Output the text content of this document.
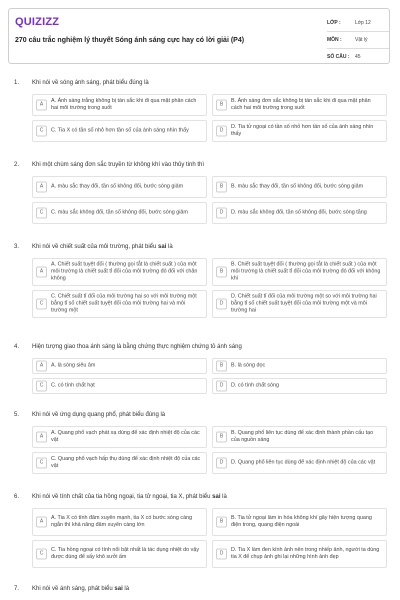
QUIZIZZ
270 câu trắc nghiệm lý thuyết Sóng ánh sáng cực hay có lời giải (P4)
LỚP :	Lớp 12
MÔN :	Vật lý
SỐ CÂU :	45
1. Khi nói về sóng ánh sáng, phát biểu đúng là
A
A. Ánh sáng trắng không bị tán sắc khi đi qua mặt phân cách hai môi trường trong suốt
B
B. Ánh sáng đơn sắc không bị tán sắc khi đi qua mặt phân cách hai môi trường trong suốt
C	C. Tia X có tần số nhỏ hơn tần số của ánh sáng nhìn thấy	D
D. Tia tử ngoại có tần số nhỏ hơn tần số của ánh sáng nhìn thấy
2. Khi một chùm sáng đơn sắc truyền từ không khí vào thủy tinh thì
A	A. màu sắc thay đổi, tần số không đổi, bước sóng giảm	B	B. màu sắc thay đổi, tần số không đổi, bước sóng giảm
C	C. màu sắc không đổi, tần số không đổi, bước sóng giảm	D	D. màu sắc không đổi, tần số không đổi, bước sóng tăng
3. Khi nói về chiết suất của môi trường, phát biểu sai là
A
A. Chiết suất tuyệt đối ( thường gọi tắt là chiết suất ) của một môi trường là chiết suất tỉ đối của môi trường đó đối với chân không
B
B. Chiết suất tuyệt đối ( thường gọi tắt là chiết suất ) của một môi trường là chiết suất tỉ đối của môi trường đó đối với không khí
C
C. Chiết suất tỉ đối của môi trường hai so với môi trường một bằng tỉ số chiết suất tuyệt đối của môi trường hai và môi trường một
D
D. Chiết suất tỉ đối của môi trường một so với môi trường hai bằng tỉ số chiết suất tuyệt đối của môi trường một và môi trường hai
4. Hiện tượng giao thoa ánh sáng là bằng chứng thực nghiệm chứng tỏ ánh sáng
A	A. là sóng siêu âm	B	B. là sóng dọc
C	C. có tính chất hạt	D	D. có tính chất sóng
5. Khi nói về ứng dụng quang phổ, phát biểu đúng là
A
A. Quang phổ vạch phát xạ dùng để xác định nhiệt độ của các vật
B
B. Quang phổ liên tục dùng để xác định thành phần cấu tạo của nguồn sáng
C
C. Quang phổ vạch hấp thụ dùng để xác định nhiệt độ của các vật
D	D. Quang phổ liên tục dùng để xác định nhiệt độ của các vật
6. Khi nói về tính chất của tia hồng ngoại, tia tử ngoại, tia X, phát biểu sai là
A
A. Tia X có tính đâm xuyên mạnh, tia X có bước sóng càng ngắn thì khả năng đâm xuyên càng lớn
B
B. Tia tử ngoại làm in hóa không khí gây hiện tượng quang điện trong, quang điện ngoài
C
C. Tia hồng ngoại có tính nổi bật nhất là tác dụng nhiệt do vậy được dùng để sấy khô sưởi ấm
D
D. Tia X làm đen kính ảnh nên trong nhiếp ảnh, người ta dùng tia X để chụp ảnh ghi lại những hình ảnh đẹp
7. Khi nói về ánh sáng, phát biểu sai là
